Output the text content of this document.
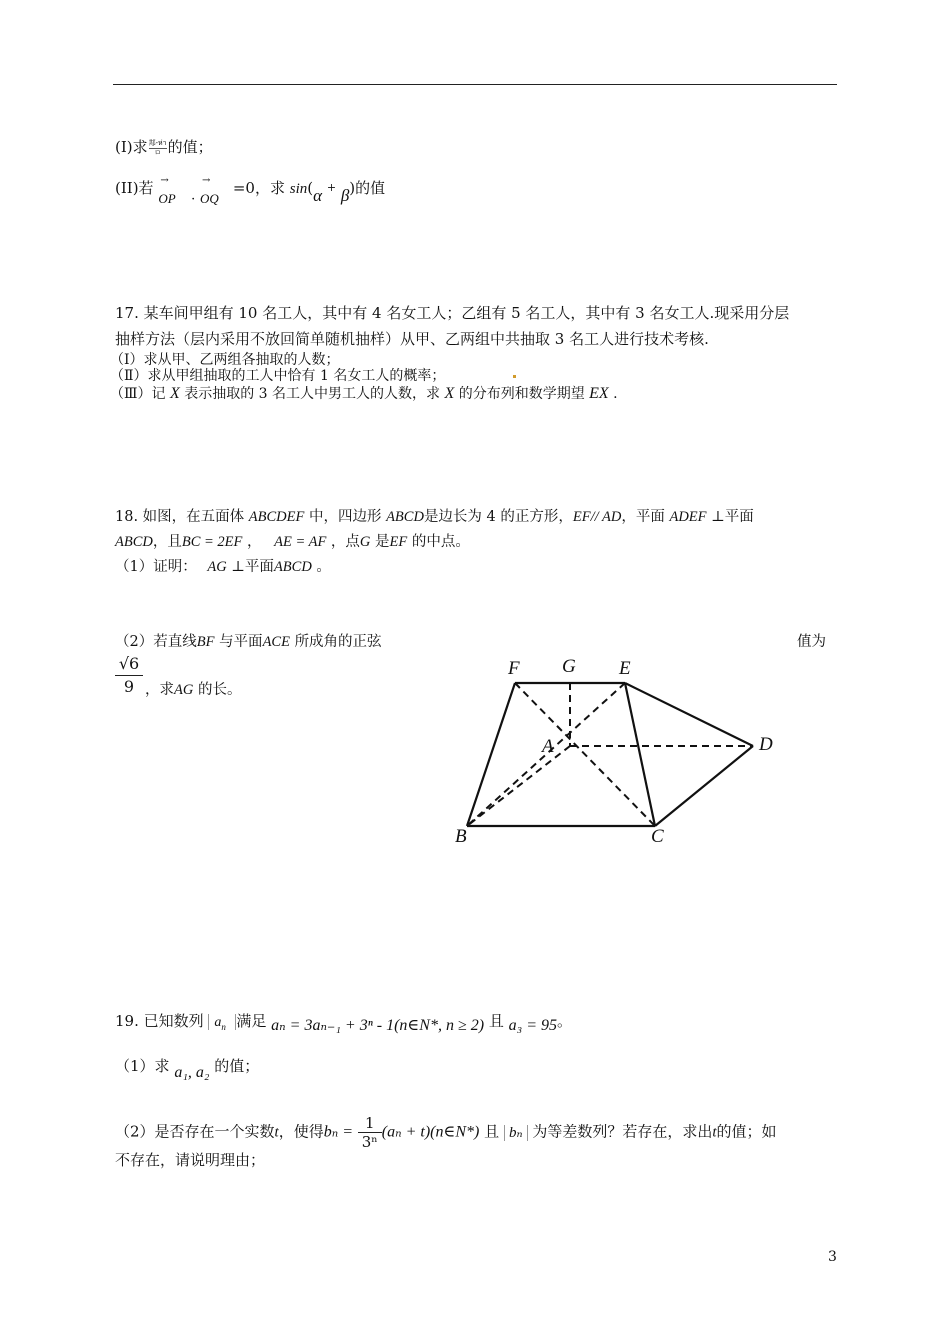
(I)求 䢼-ห่า
ㅁ 的值；
(II)若 →
OP ·
→
OQ =0，求 sin(α + β)的值
17. 某车间甲组有 10 名工人，其中有 4 名女工人；乙组有 5 名工人，其中有 3 名女工人.现采用分层
抽样方法（层内采用不放回简单随机抽样）从甲、乙两组中共抽取 3 名工人进行技术考核.
（Ⅰ）求从甲、乙两组各抽取的人数；
（Ⅱ）求从甲组抽取的工人中恰有 1 名女工人的概率；
（Ⅲ）记 X 表示抽取的 3 名工人中男工人的人数，求 X 的分布列和数学期望 EX .
18. 如图，在五面体 ABCDEF 中，四边形 ABCD是边长为 4 的正方形，EF// AD，平面 ADEF ⊥平面
ABCD，且BC = 2EF ， AE = AF ，点G 是EF 的中点。
（1）证明： AG ⊥平面ABCD 。
（2）若直线BF 与平面ACE 所成角的正弦	值为
$\frac{√6}{9}$ ，求AG 的长。
F G E
A	D
B	C
19. 已知数列 $a_n$ 满足 aₙ = 3aₙ₋₁ + 3ⁿ - 1(n∈N*, n ≥ 2) 且 a₃ = 95。
（1）求 a₁, a₂ 的值；
（2）是否存在一个实数t，使得$b_n = \frac{1}{\text{3ⁿ}} (a_n$ + t)(n∈N*) 且 bₙ 为等差数列？若存在，求出t的值；如
不存在，请说明理由；
3
